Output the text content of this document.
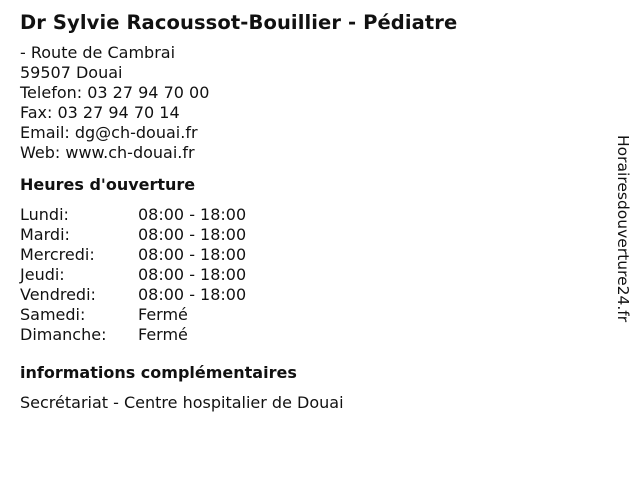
Dr Sylvie Racoussot-Bouillier - Pédiatre
- Route de Cambrai
59507 Douai
Telefon: 03 27 94 70 00
Fax: 03 27 94 70 14
Email: dg@ch-douai.fr
Web: www.ch-douai.fr
Heures d'ouverture
Lundi:	08:00 - 18:00
Mardi:	08:00 - 18:00
Mercredi:	08:00 - 18:00
Jeudi:	08:00 - 18:00
Vendredi:	08:00 - 18:00
Samedi:	Fermé
Dimanche:	Fermé
informations complémentaires
Secrétariat - Centre hospitalier de Douai
Horairesdouverture24.fr
